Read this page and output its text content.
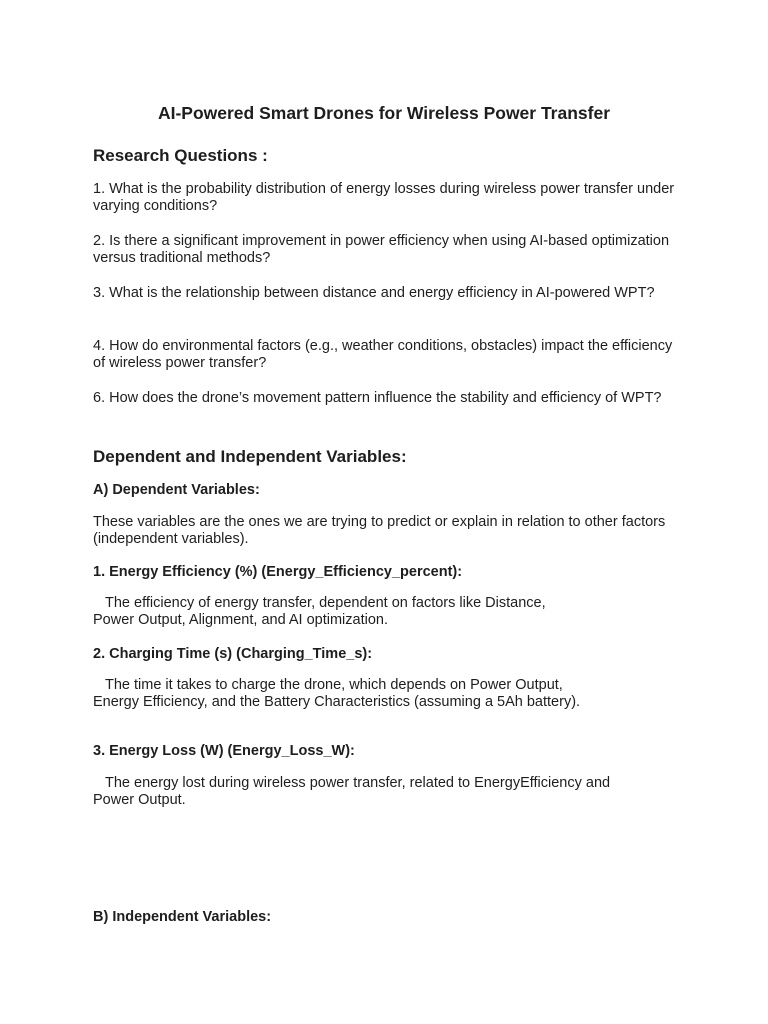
AI-Powered Smart Drones for Wireless Power Transfer
Research Questions :

1. What is the probability distribution of energy losses during wireless power transfer under varying conditions?

2. Is there a significant improvement in power efficiency when using AI-based optimization versus traditional methods?

3. What is the relationship between distance and energy efficiency in AI-powered WPT?

4. How do environmental factors (e.g., weather conditions, obstacles) impact the efficiency of wireless power transfer?

6. How does the drone’s movement pattern influence the stability and efficiency of WPT?

Dependent and Independent Variables:
A) Dependent Variables:

These variables are the ones we are trying to predict or explain in relation to other factors (independent variables).

1. Energy Efficiency (%) (Energy_Efficiency_percent):

The efficiency of energy transfer, dependent on factors like Distance,
Power Output, Alignment, and AI optimization.

2. Charging Time (s) (Charging_Time_s):

The time it takes to charge the drone, which depends on Power Output,
Energy Efficiency, and the Battery Characteristics (assuming a 5Ah battery).

3. Energy Loss (W) (Energy_Loss_W):

The energy lost during wireless power transfer, related to EnergyEfficiency and Power Output.

B) Independent Variables:
